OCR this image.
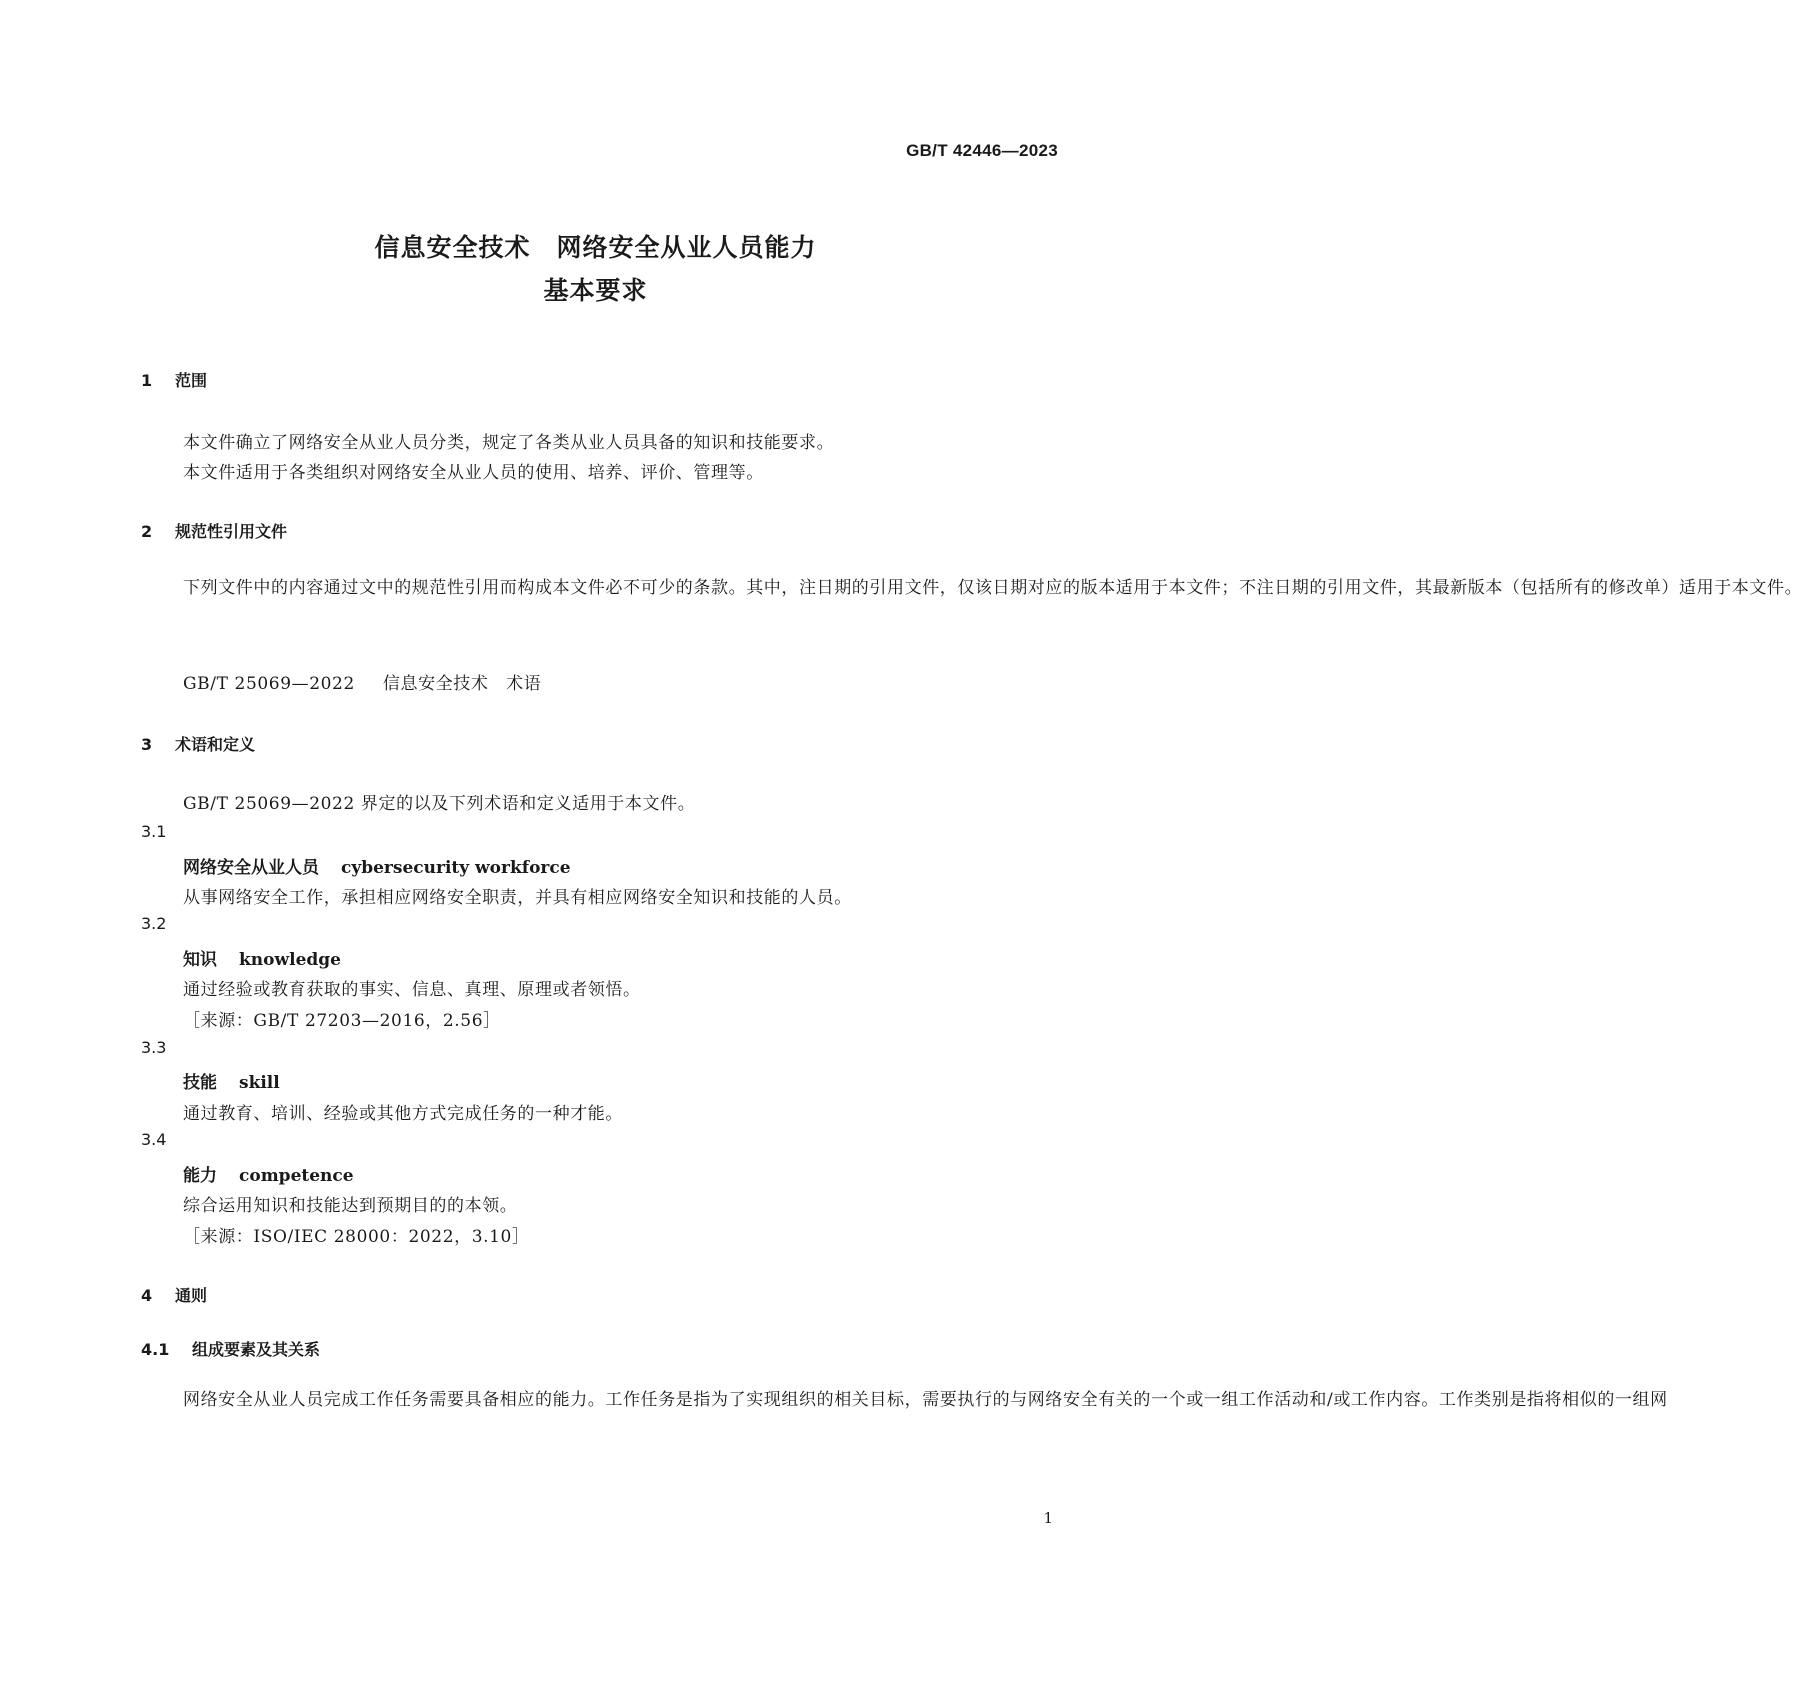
GB/T 42446—2023
信息安全技术　网络安全从业人员能力
基本要求
1 范围
本文件确立了网络安全从业人员分类，规定了各类从业人员具备的知识和技能要求。
本文件适用于各类组织对网络安全从业人员的使用、培养、评价、管理等。
2 规范性引用文件

下列文件中的内容通过文中的规范性引用而构成本文件必不可少的条款。其中，注日期的引用文件，仅该日期对应的版本适用于本文件；不注日期的引用文件，其最新版本（包括所有的修改单）适用于本文件。

GB/T 25069—2022 信息安全技术　术语
3 术语和定义
GB/T 25069—2022 界定的以及下列术语和定义适用于本文件。
3.1
网络安全从业人员 cybersecurity workforce
从事网络安全工作，承担相应网络安全职责，并具有相应网络安全知识和技能的人员。
3.2
知识 knowledge
通过经验或教育获取的事实、信息、真理、原理或者领悟。
［来源：GB/T 27203—2016，2.56］
3.3
技能 skill
通过教育、培训、经验或其他方式完成任务的一种才能。
3.4
能力 competence
综合运用知识和技能达到预期目的的本领。
［来源：ISO/IEC 28000：2022，3.10］
4 通则
4.1 组成要素及其关系

网络安全从业人员完成工作任务需要具备相应的能力。工作任务是指为了实现组织的相关目标，需要执行的与网络安全有关的一个或一组工作活动和/或工作内容。工作类别是指将相似的一组网

1
